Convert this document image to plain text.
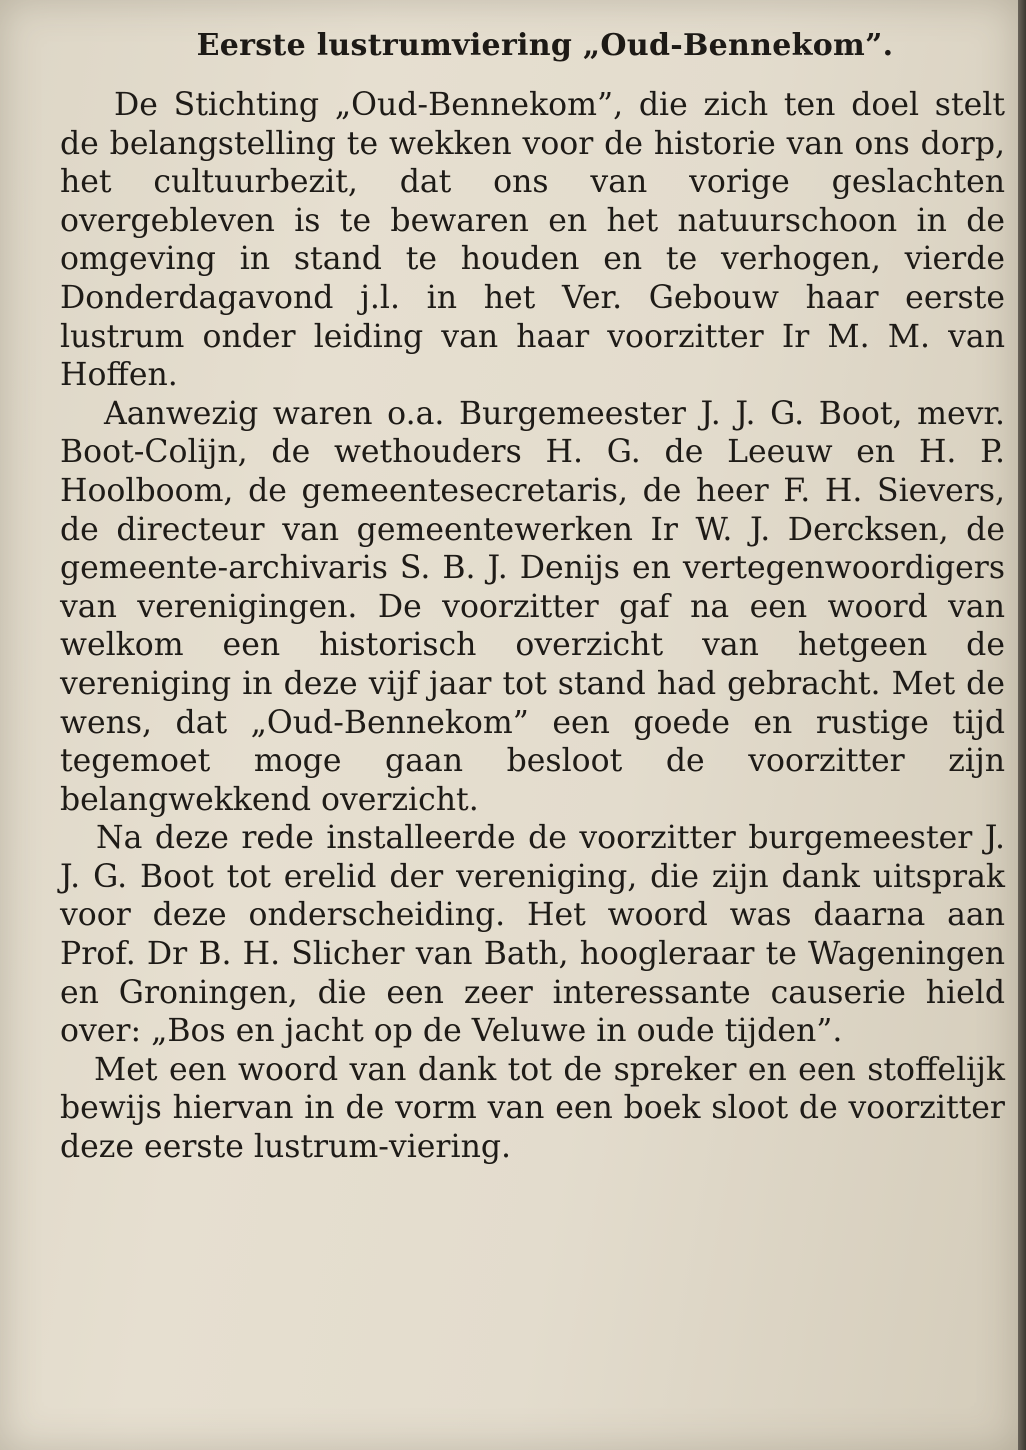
Eerste lustrumviering „Oud-Bennekom”.

De Stichting „Oud-Bennekom”, die zich ten doel stelt de belangstelling te wekken voor de historie van ons dorp, het cultuurbezit, dat ons van vorige geslachten overgebleven is te bewaren en het natuurschoon in de omgeving in stand te houden en te verhogen, vierde Donderdagavond j.l. in het Ver. Gebouw haar eerste lustrum onder leiding van haar voorzitter Ir M. M. van Hoffen.

Aanwezig waren o.a. Burgemeester J. J. G. Boot, mevr. Boot-Colijn, de wethouders H. G. de Leeuw en H. P. Hoolboom, de gemeentesecretaris, de heer F. H. Sievers, de directeur van gemeentewerken Ir W. J. Dercksen, de gemeente-archivaris S. B. J. Denijs en vertegenwoordigers van verenigingen. De voorzitter gaf na een woord van welkom een historisch overzicht van hetgeen de vereniging in deze vijf jaar tot stand had gebracht. Met de wens, dat „Oud-Bennekom” een goede en rustige tijd tegemoet moge gaan besloot de voorzitter zijn belangwekkend overzicht.

Na deze rede installeerde de voorzitter burgemeester J. J. G. Boot tot erelid der vereniging, die zijn dank uitsprak voor deze onderscheiding. Het woord was daarna aan Prof. Dr B. H. Slicher van Bath, hoogleraar te Wageningen en Groningen, die een zeer interessante causerie hield over: „Bos en jacht op de Veluwe in oude tijden”.

Met een woord van dank tot de spreker en een stoffelijk bewijs hiervan in de vorm van een boek sloot de voorzitter deze eerste lustrum-viering.
